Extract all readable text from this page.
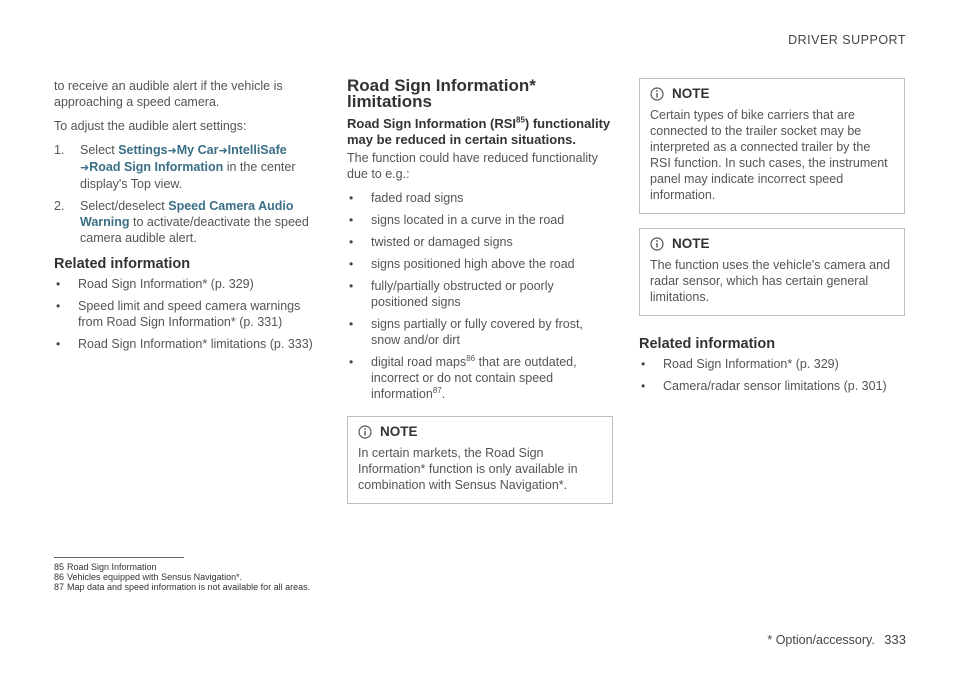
DRIVER SUPPORT

to receive an audible alert if the vehicle is approaching a speed camera.

To adjust the audible alert settings:

1. Select Settings➜My Car➜IntelliSafe
➜Road Sign Information in the center display's Top view.
2. Select/deselect Speed Camera Audio Warning to activate/deactivate the speed camera audible alert.
Related information
• Road Sign Information* (p. 329)
• Speed limit and speed camera warnings from Road Sign Information* (p. 331)
• Road Sign Information* limitations (p. 333)
Road Sign Information* limitations
Road Sign Information (RSI$^{85}$) functionality may be reduced in certain situations.

The function could have reduced functionality due to e.g.:

• faded road signs
• signs located in a curve in the road
• twisted or damaged signs
• signs positioned high above the road
• fully/partially obstructed or poorly positioned signs
• signs partially or fully covered by frost, snow and/or dirt
• digital road maps$^{86}$ that are outdated, incorrect or do not contain speed information$^{87}$.
NOTE
In certain markets, the Road Sign Information* function is only available in combination with Sensus Navigation*.
NOTE
Certain types of bike carriers that are connected to the trailer socket may be interpreted as a connected trailer by the RSI function. In such cases, the instrument panel may indicate incorrect speed information.
NOTE
The function uses the vehicle's camera and radar sensor, which has certain general limitations.
Related information
• Road Sign Information* (p. 329)
• Camera/radar sensor limitations (p. 301)
85 Road Sign Information
86 Vehicles equipped with Sensus Navigation*.
87 Map data and speed information is not available for all areas.
* Option/accessory. 333
